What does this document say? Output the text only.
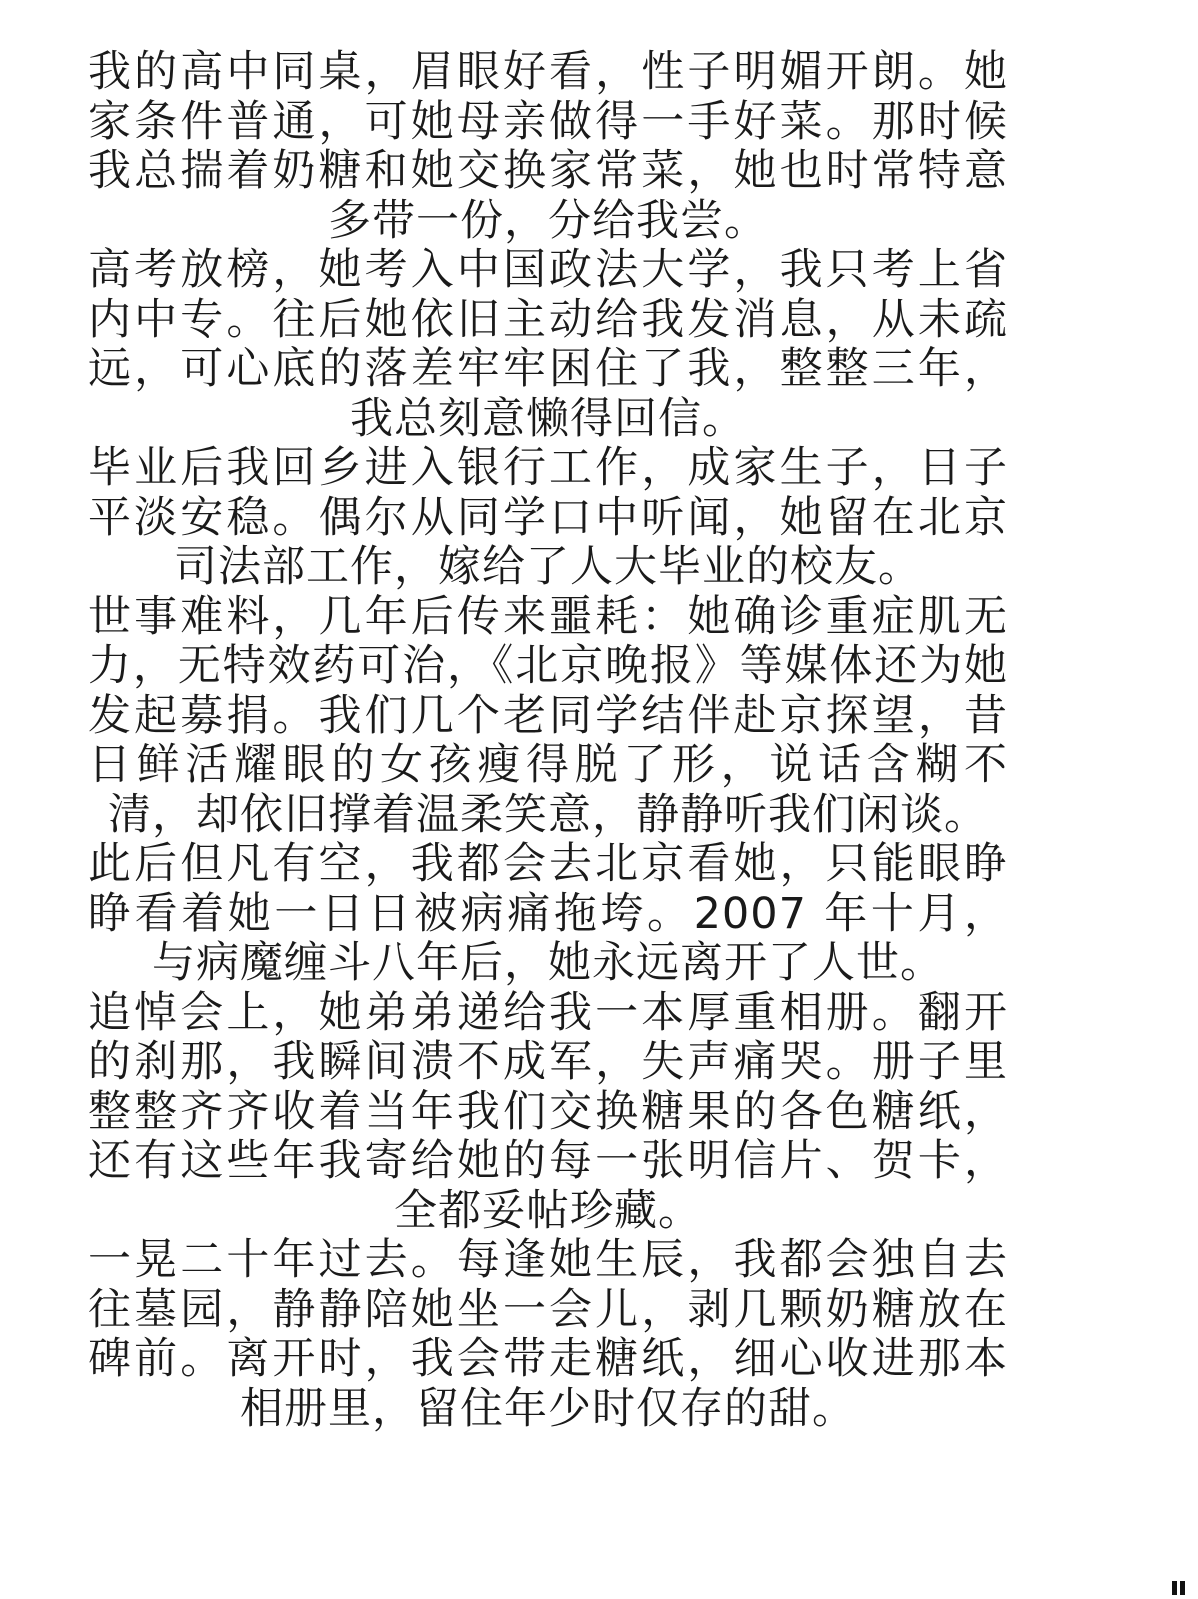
我的高中同桌，眉眼好看，性子明媚开朗。她家条件普通，可她母亲做得一手好菜。那时候我总揣着奶糖和她交换家常菜，她也时常特意多带一份，分给我尝。

高考放榜，她考入中国政法大学，我只考上省内中专。往后她依旧主动给我发消息，从未疏远，可心底的落差牢牢困住了我，整整三年，我总刻意懒得回信。

毕业后我回乡进入银行工作，成家生子，日子平淡安稳。偶尔从同学口中听闻，她留在北京司法部工作，嫁给了人大毕业的校友。

世事难料，几年后传来噩耗：她确诊重症肌无力，无特效药可治，《北京晚报》等媒体还为她发起募捐。我们几个老同学结伴赴京探望，昔日鲜活耀眼的女孩瘦得脱了形，说话含糊不清，却依旧撑着温柔笑意，静静听我们闲谈。

此后但凡有空，我都会去北京看她，只能眼睁睁看着她一日日被病痛拖垮。2007 年十月，与病魔缠斗八年后，她永远离开了人世。

追悼会上，她弟弟递给我一本厚重相册。翻开的刹那，我瞬间溃不成军，失声痛哭。册子里整整齐齐收着当年我们交换糖果的各色糖纸，还有这些年我寄给她的每一张明信片、贺卡，全都妥帖珍藏。

一晃二十年过去。每逢她生辰，我都会独自去往墓园，静静陪她坐一会儿，剥几颗奶糖放在碑前。离开时，我会带走糖纸，细心收进那本相册里，留住年少时仅存的甜。
